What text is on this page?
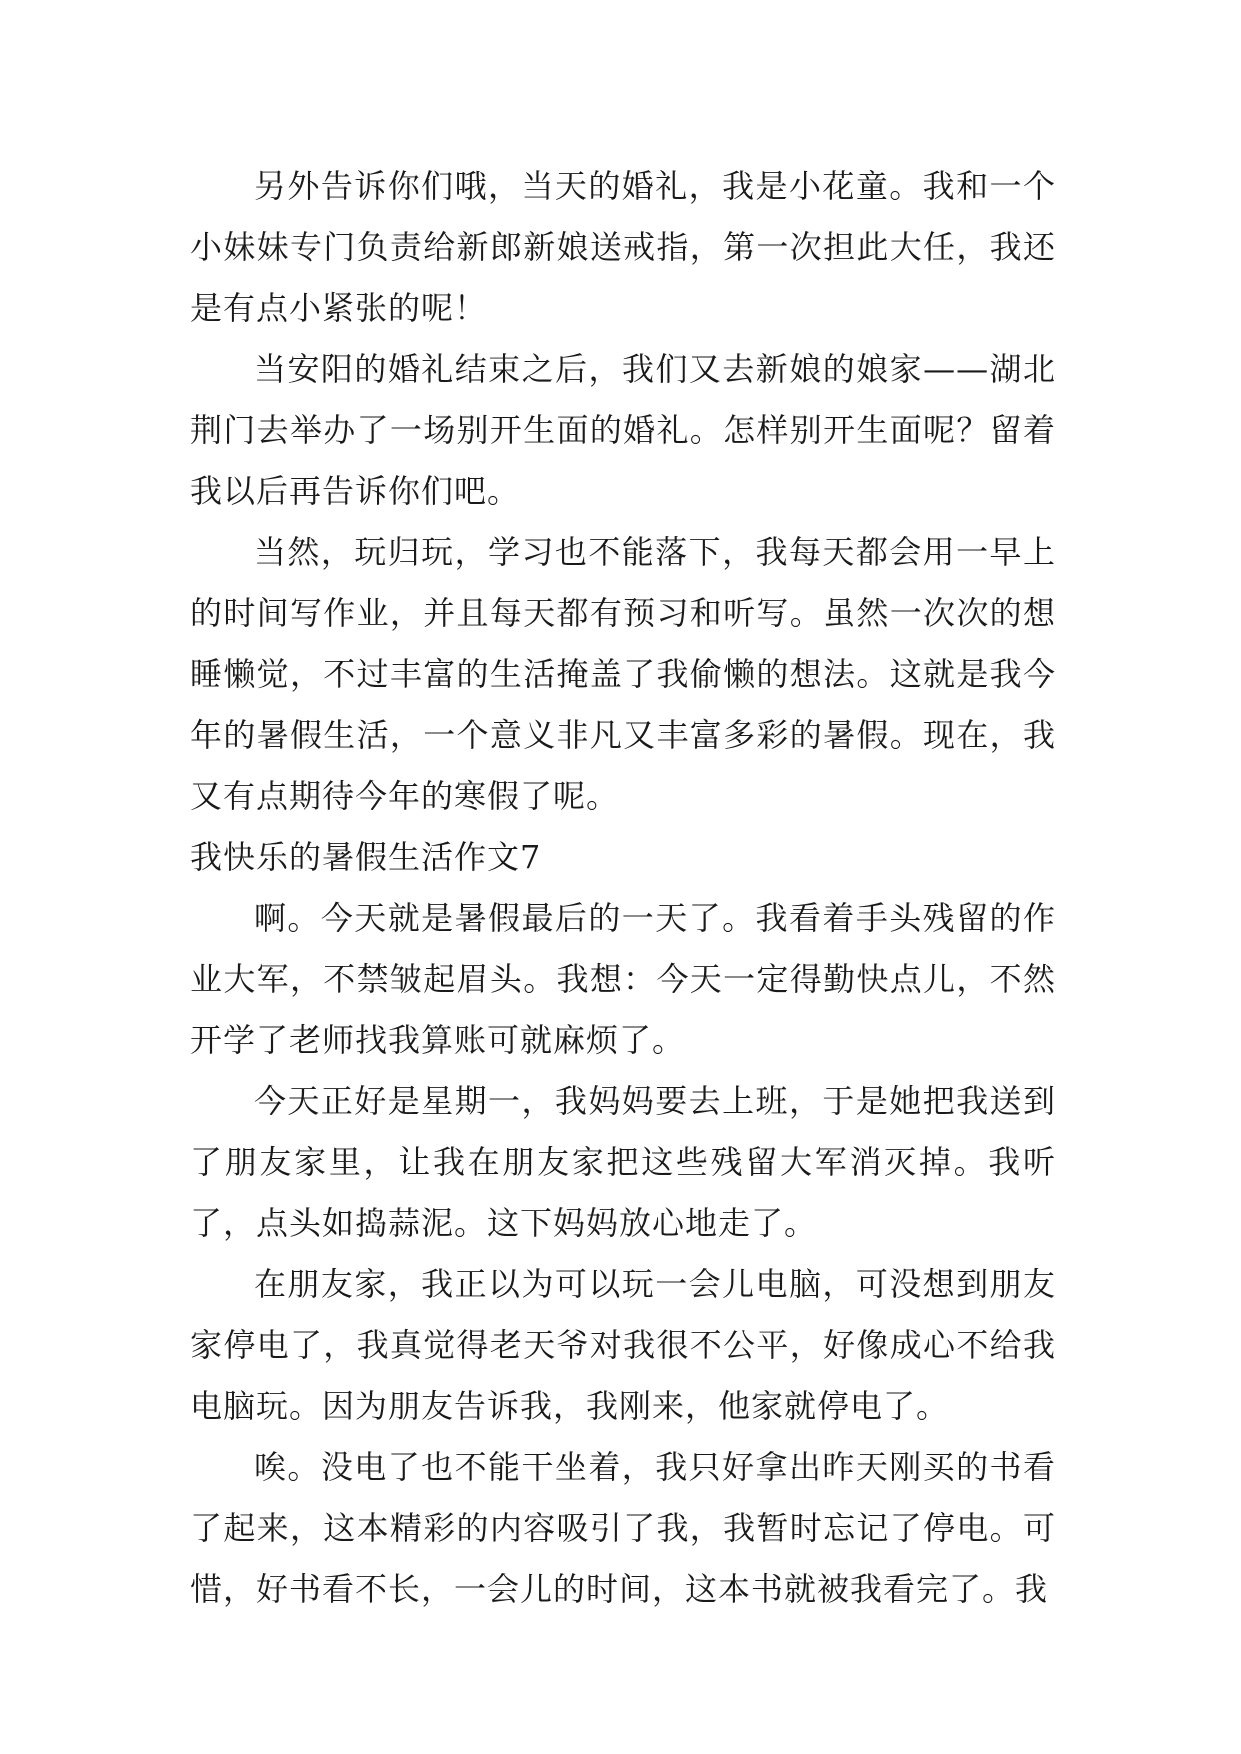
另外告诉你们哦，当天的婚礼，我是小花童。我和一个小妹妹专门负责给新郎新娘送戒指，第一次担此大任，我还是有点小紧张的呢！

当安阳的婚礼结束之后，我们又去新娘的娘家——湖北荆门去举办了一场别开生面的婚礼。怎样别开生面呢？留着我以后再告诉你们吧。

当然，玩归玩，学习也不能落下，我每天都会用一早上的时间写作业，并且每天都有预习和听写。虽然一次次的想睡懒觉，不过丰富的生活掩盖了我偷懒的想法。这就是我今年的暑假生活，一个意义非凡又丰富多彩的暑假。现在，我又有点期待今年的寒假了呢。

我快乐的暑假生活作文7

啊。今天就是暑假最后的一天了。我看着手头残留的作业大军，不禁皱起眉头。我想：今天一定得勤快点儿，不然开学了老师找我算账可就麻烦了。

今天正好是星期一，我妈妈要去上班，于是她把我送到了朋友家里，让我在朋友家把这些残留大军消灭掉。我听了，点头如捣蒜泥。这下妈妈放心地走了。

在朋友家，我正以为可以玩一会儿电脑，可没想到朋友家停电了，我真觉得老天爷对我很不公平，好像成心不给我电脑玩。因为朋友告诉我，我刚来，他家就停电了。

唉。没电了也不能干坐着，我只好拿出昨天刚买的书看了起来，这本精彩的内容吸引了我，我暂时忘记了停电。可惜，好书看不长，一会儿的时间，这本书就被我看完了。我
